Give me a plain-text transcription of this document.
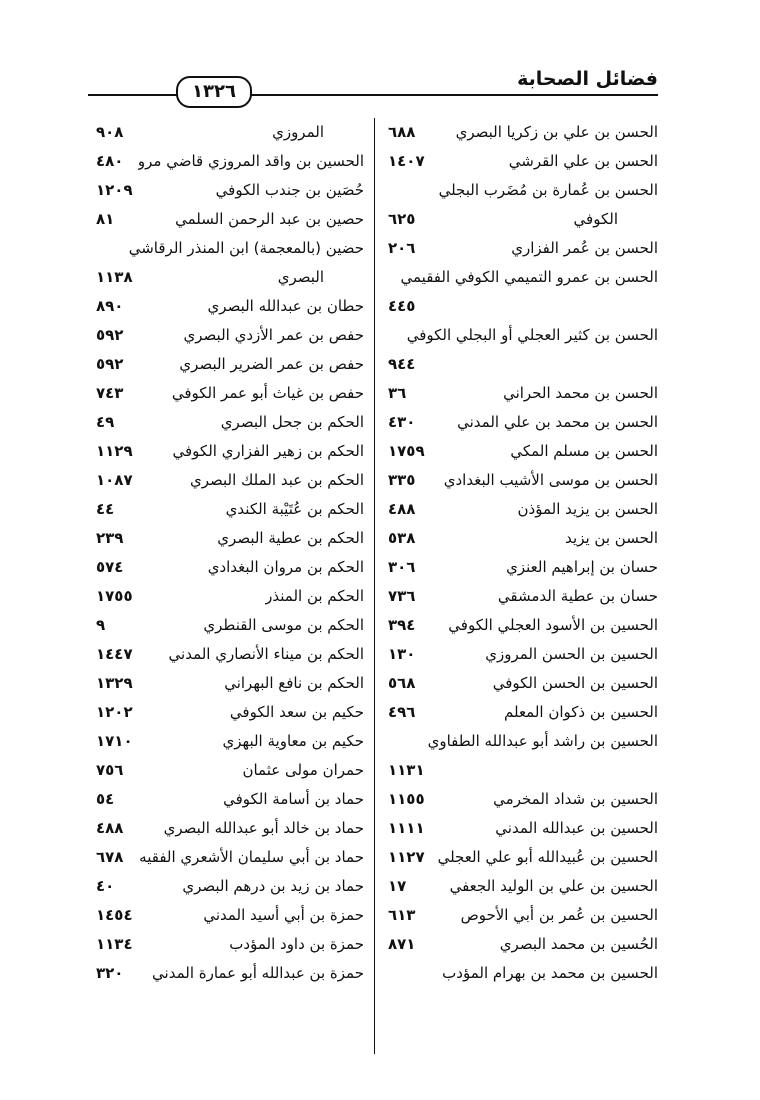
فضائل الصحابة
١٣٢٦
الحسن بن علي بن زكريا البصري
٦٨٨
الحسن بن علي القرشي
١٤٠٧
الحسن بن عُمارة بن مُضَرب البجلي
الكوفي
٦٢٥
الحسن بن عُمر الفزاري
٢٠٦
الحسن بن عمرو التميمي الكوفي الفقيمي
٤٤٥
الحسن بن كثير العجلي أو البجلي الكوفي
٩٤٤
الحسن بن محمد الحراني
٣٦
الحسن بن محمد بن علي المدني
٤٣٠
الحسن بن مسلم المكي
١٧٥٩
الحسن بن موسى الأشيب البغدادي
٣٣٥
الحسن بن يزيد المؤذن
٤٨٨
الحسن بن يزيد
٥٣٨
حسان بن إبراهيم العنزي
٣٠٦
حسان بن عطية الدمشقي
٧٣٦
الحسين بن الأسود العجلي الكوفي
٣٩٤
الحسين بن الحسن المروزي
١٣٠
الحسين بن الحسن الكوفي
٥٦٨
الحسين بن ذكوان المعلم
٤٩٦
الحسين بن راشد أبو عبدالله الطفاوي
١١٣١
الحسين بن شداد المخرمي
١١٥٥
الحسين بن عبدالله المدني
١١١١
الحسين بن عُبيدالله أبو علي العجلي
١١٢٧
الحسين بن علي بن الوليد الجعفي
١٧
الحسين بن عُمر بن أبي الأحوص
٦١٣
الحُسين بن محمد البصري
٨٧١
الحسين بن محمد بن بهرام المؤدب
المروزي
٩٠٨
الحسين بن واقد المروزي قاضي مرو
٤٨٠
حُصَين بن جندب الكوفي
١٢٠٩
حصين بن عبد الرحمن السلمي
٨١
حضين (بالمعجمة) ابن المنذر الرقاشي
البصري
١١٣٨
حطان بن عبدالله البصري
٨٩٠
حفص بن عمر الأزدي البصري
٥٩٢
حفص بن عمر الضرير البصري
٥٩٢
حفص بن غياث أبو عمر الكوفي
٧٤٣
الحكم بن جحل البصري
٤٩
الحكم بن زهير الفزاري الكوفي
١١٢٩
الحكم بن عبد الملك البصري
١٠٨٧
الحكم بن عُتَيْبة الكندي
٤٤
الحكم بن عطية البصري
٢٣٩
الحكم بن مروان البغدادي
٥٧٤
الحكم بن المنذر
١٧٥٥
الحكم بن موسى القنطري
٩
الحكم بن ميناء الأنصاري المدني
١٤٤٧
الحكم بن نافع البهراني
١٣٢٩
حكيم بن سعد الكوفي
١٢٠٢
حكيم بن معاوية البهزي
١٧١٠
حمران مولى عثمان
٧٥٦
حماد بن أسامة الكوفي
٥٤
حماد بن خالد أبو عبدالله البصري
٤٨٨
حماد بن أبي سليمان الأشعري الفقيه
٦٧٨
حماد بن زيد بن درهم البصري
٤٠
حمزة بن أبي أسيد المدني
١٤٥٤
حمزة بن داود المؤدب
١١٣٤
حمزة بن عبدالله أبو عمارة المدني
٣٢٠
